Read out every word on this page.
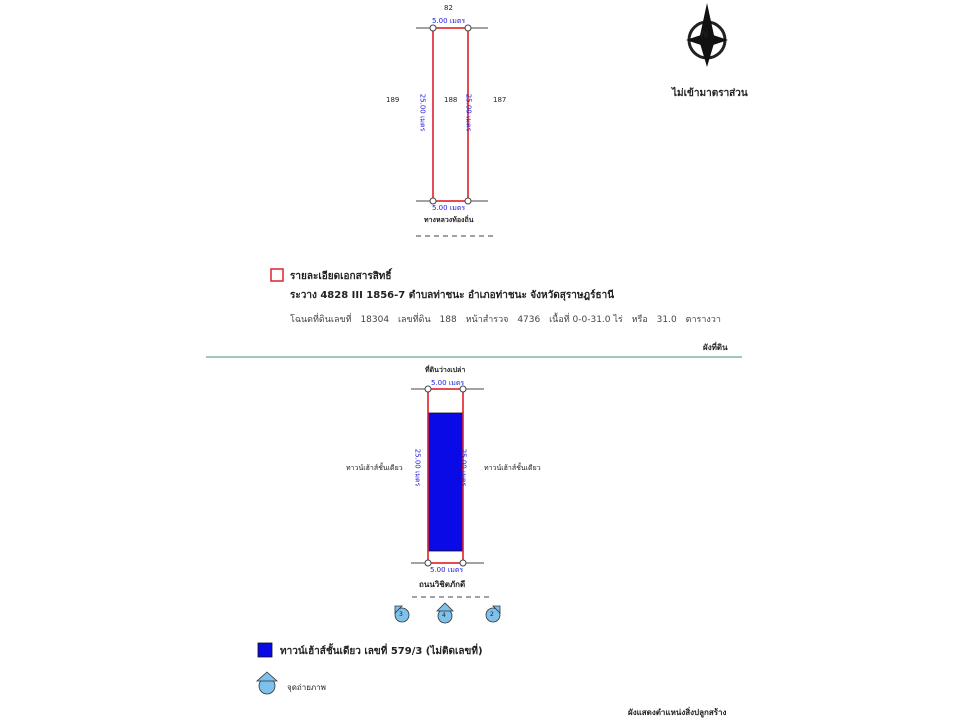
82
5.00 เมตร
189	188	187
25.00 เมตร	25.00 เมตร
5.00 เมตร
ทางหลวงท้องถิ่น
N
ไม่เข้ามาตราส่วน
รายละเอียดเอกสารสิทธิ์
ระวาง 4828 III 1856-7 ตำบลท่าชนะ อำเภอท่าชนะ จังหวัดสุราษฎร์ธานี
โฉนดที่ดินเลขที่ 18304 เลขที่ดิน 188 หน้าสำรวจ 4736 เนื้อที่ 0-0-31.0 ไร่ หรือ 31.0 ตารางวา
ผังที่ดิน
ที่ดินว่างเปล่า
5.00 เมตร
ทาวน์เฮ้าส์ชั้นเดียว	ทาวน์เฮ้าส์ชั้นเดียว
25.00 เมตร	25.00 เมตร
5.00 เมตร
ถนนวิชิตภักดี
3	4	2
ทาวน์เฮ้าส์ชั้นเดียว เลขที่ 579/3 (ไม่ติดเลขที่)
จุดถ่ายภาพ
ผังแสดงตำแหน่งสิ่งปลูกสร้าง
